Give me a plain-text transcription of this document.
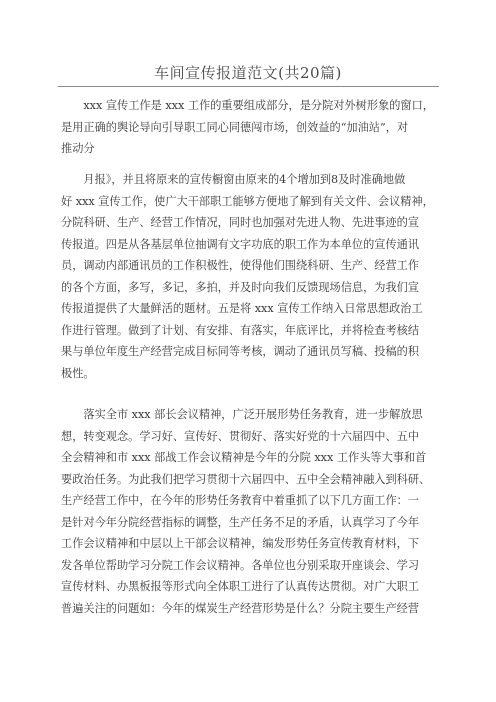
车间宣传报道范文(共20篇)
　　xxx 宣传工作是 xxx 工作的重要组成部分，是分院对外树形象的窗口，
是用正确的舆论导向引导职工同心同德闯市场，创效益的“加油站”，对
推动分
　　月报》，并且将原来的宣传橱窗由原来的4个增加到8及时准确地做
好 xxx 宣传工作，使广大干部职工能够方便地了解到有关文件、会议精神，
分院科研、生产、经营工作情况，同时也加强对先进人物、先进事迹的宣
传报道。四是从各基层单位抽调有文字功底的职工作为本单位的宣传通讯
员，调动内部通讯员的工作积极性，使得他们围绕科研、生产、经营工作
的各个方面，多写，多记，多拍，并及时向我们反馈现场信息，为我们宣
传报道提供了大量鲜活的题材。五是将 xxx 宣传工作纳入日常思想政治工
作进行管理。做到了计划、有安排、有落实，年底评比，并将检查考核结
果与单位年度生产经营完成目标同等考核，调动了通讯员写稿、投稿的积
极性。
　　落实全市 xxx 部长会议精神，广泛开展形势任务教育，进一步解放思
想，转变观念。学习好、宣传好、贯彻好、落实好党的十六届四中、五中
全会精神和市 xxx 部战工作会议精神是今年的分院 xxx 工作头等大事和首
要政治任务。为此我们把学习贯彻十六届四中、五中全会精神融入到科研、
生产经营工作中，在今年的形势任务教育中着重抓了以下几方面工作：一
是针对今年分院经营指标的调整，生产任务不足的矛盾，认真学习了今年
工作会议精神和中层以上干部会议精神，编发形势任务宣传教育材料，下
发各单位帮助学习分院工作会议精神。各单位也分别采取开座谈会、学习
宣传材料、办黑板报等形式向全体职工进行了认真传达贯彻。对广大职工
普遍关注的问题如：今年的煤炭生产经营形势是什么？分院主要生产经营
